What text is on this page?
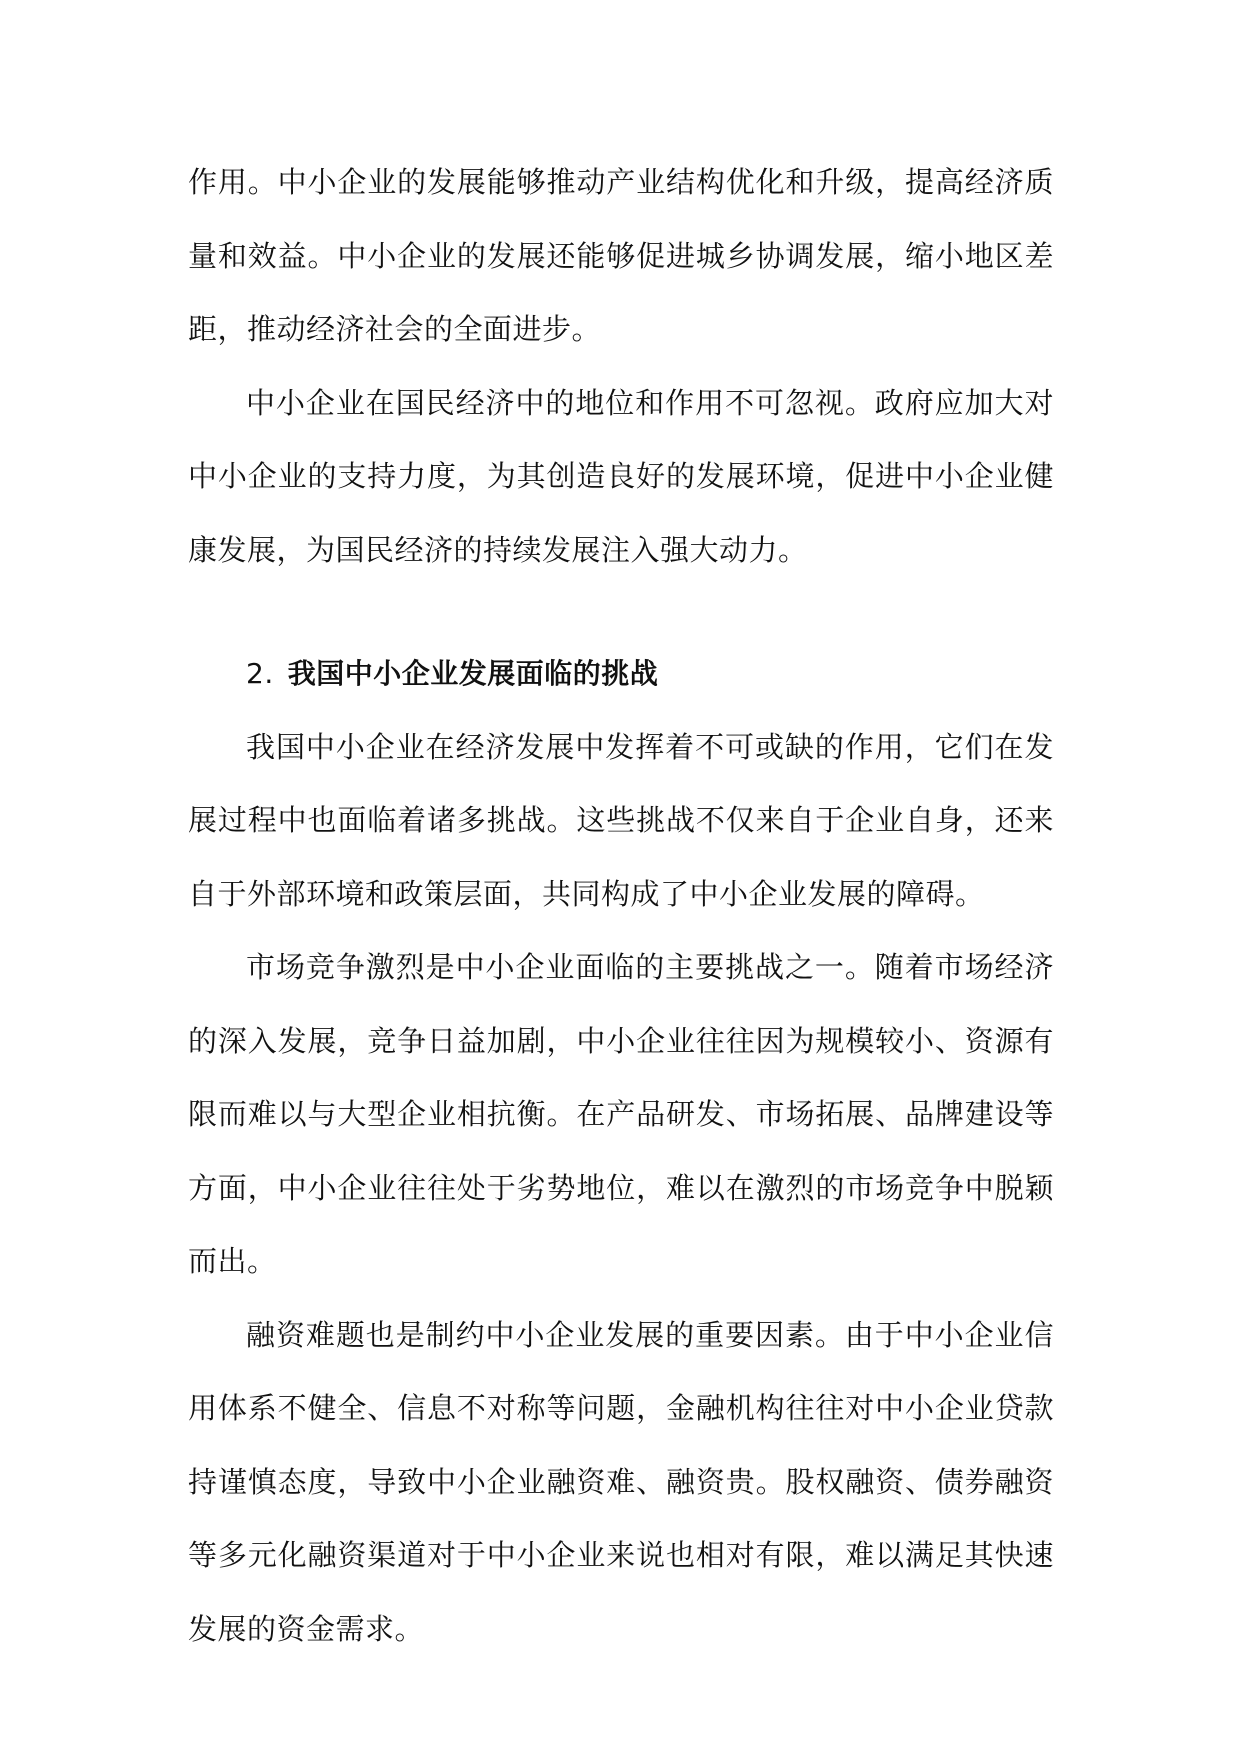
作用。中小企业的发展能够推动产业结构优化和升级，提高经济质量和效益。中小企业的发展还能够促进城乡协调发展，缩小地区差距，推动经济社会的全面进步。

中小企业在国民经济中的地位和作用不可忽视。政府应加大对中小企业的支持力度，为其创造良好的发展环境，促进中小企业健康发展，为国民经济的持续发展注入强大动力。

2. 我国中小企业发展面临的挑战

我国中小企业在经济发展中发挥着不可或缺的作用，它们在发展过程中也面临着诸多挑战。这些挑战不仅来自于企业自身，还来自于外部环境和政策层面，共同构成了中小企业发展的障碍。

市场竞争激烈是中小企业面临的主要挑战之一。随着市场经济的深入发展，竞争日益加剧，中小企业往往因为规模较小、资源有限而难以与大型企业相抗衡。在产品研发、市场拓展、品牌建设等方面，中小企业往往处于劣势地位，难以在激烈的市场竞争中脱颖而出。

融资难题也是制约中小企业发展的重要因素。由于中小企业信用体系不健全、信息不对称等问题，金融机构往往对中小企业贷款持谨慎态度，导致中小企业融资难、融资贵。股权融资、债券融资等多元化融资渠道对于中小企业来说也相对有限，难以满足其快速发展的资金需求。
